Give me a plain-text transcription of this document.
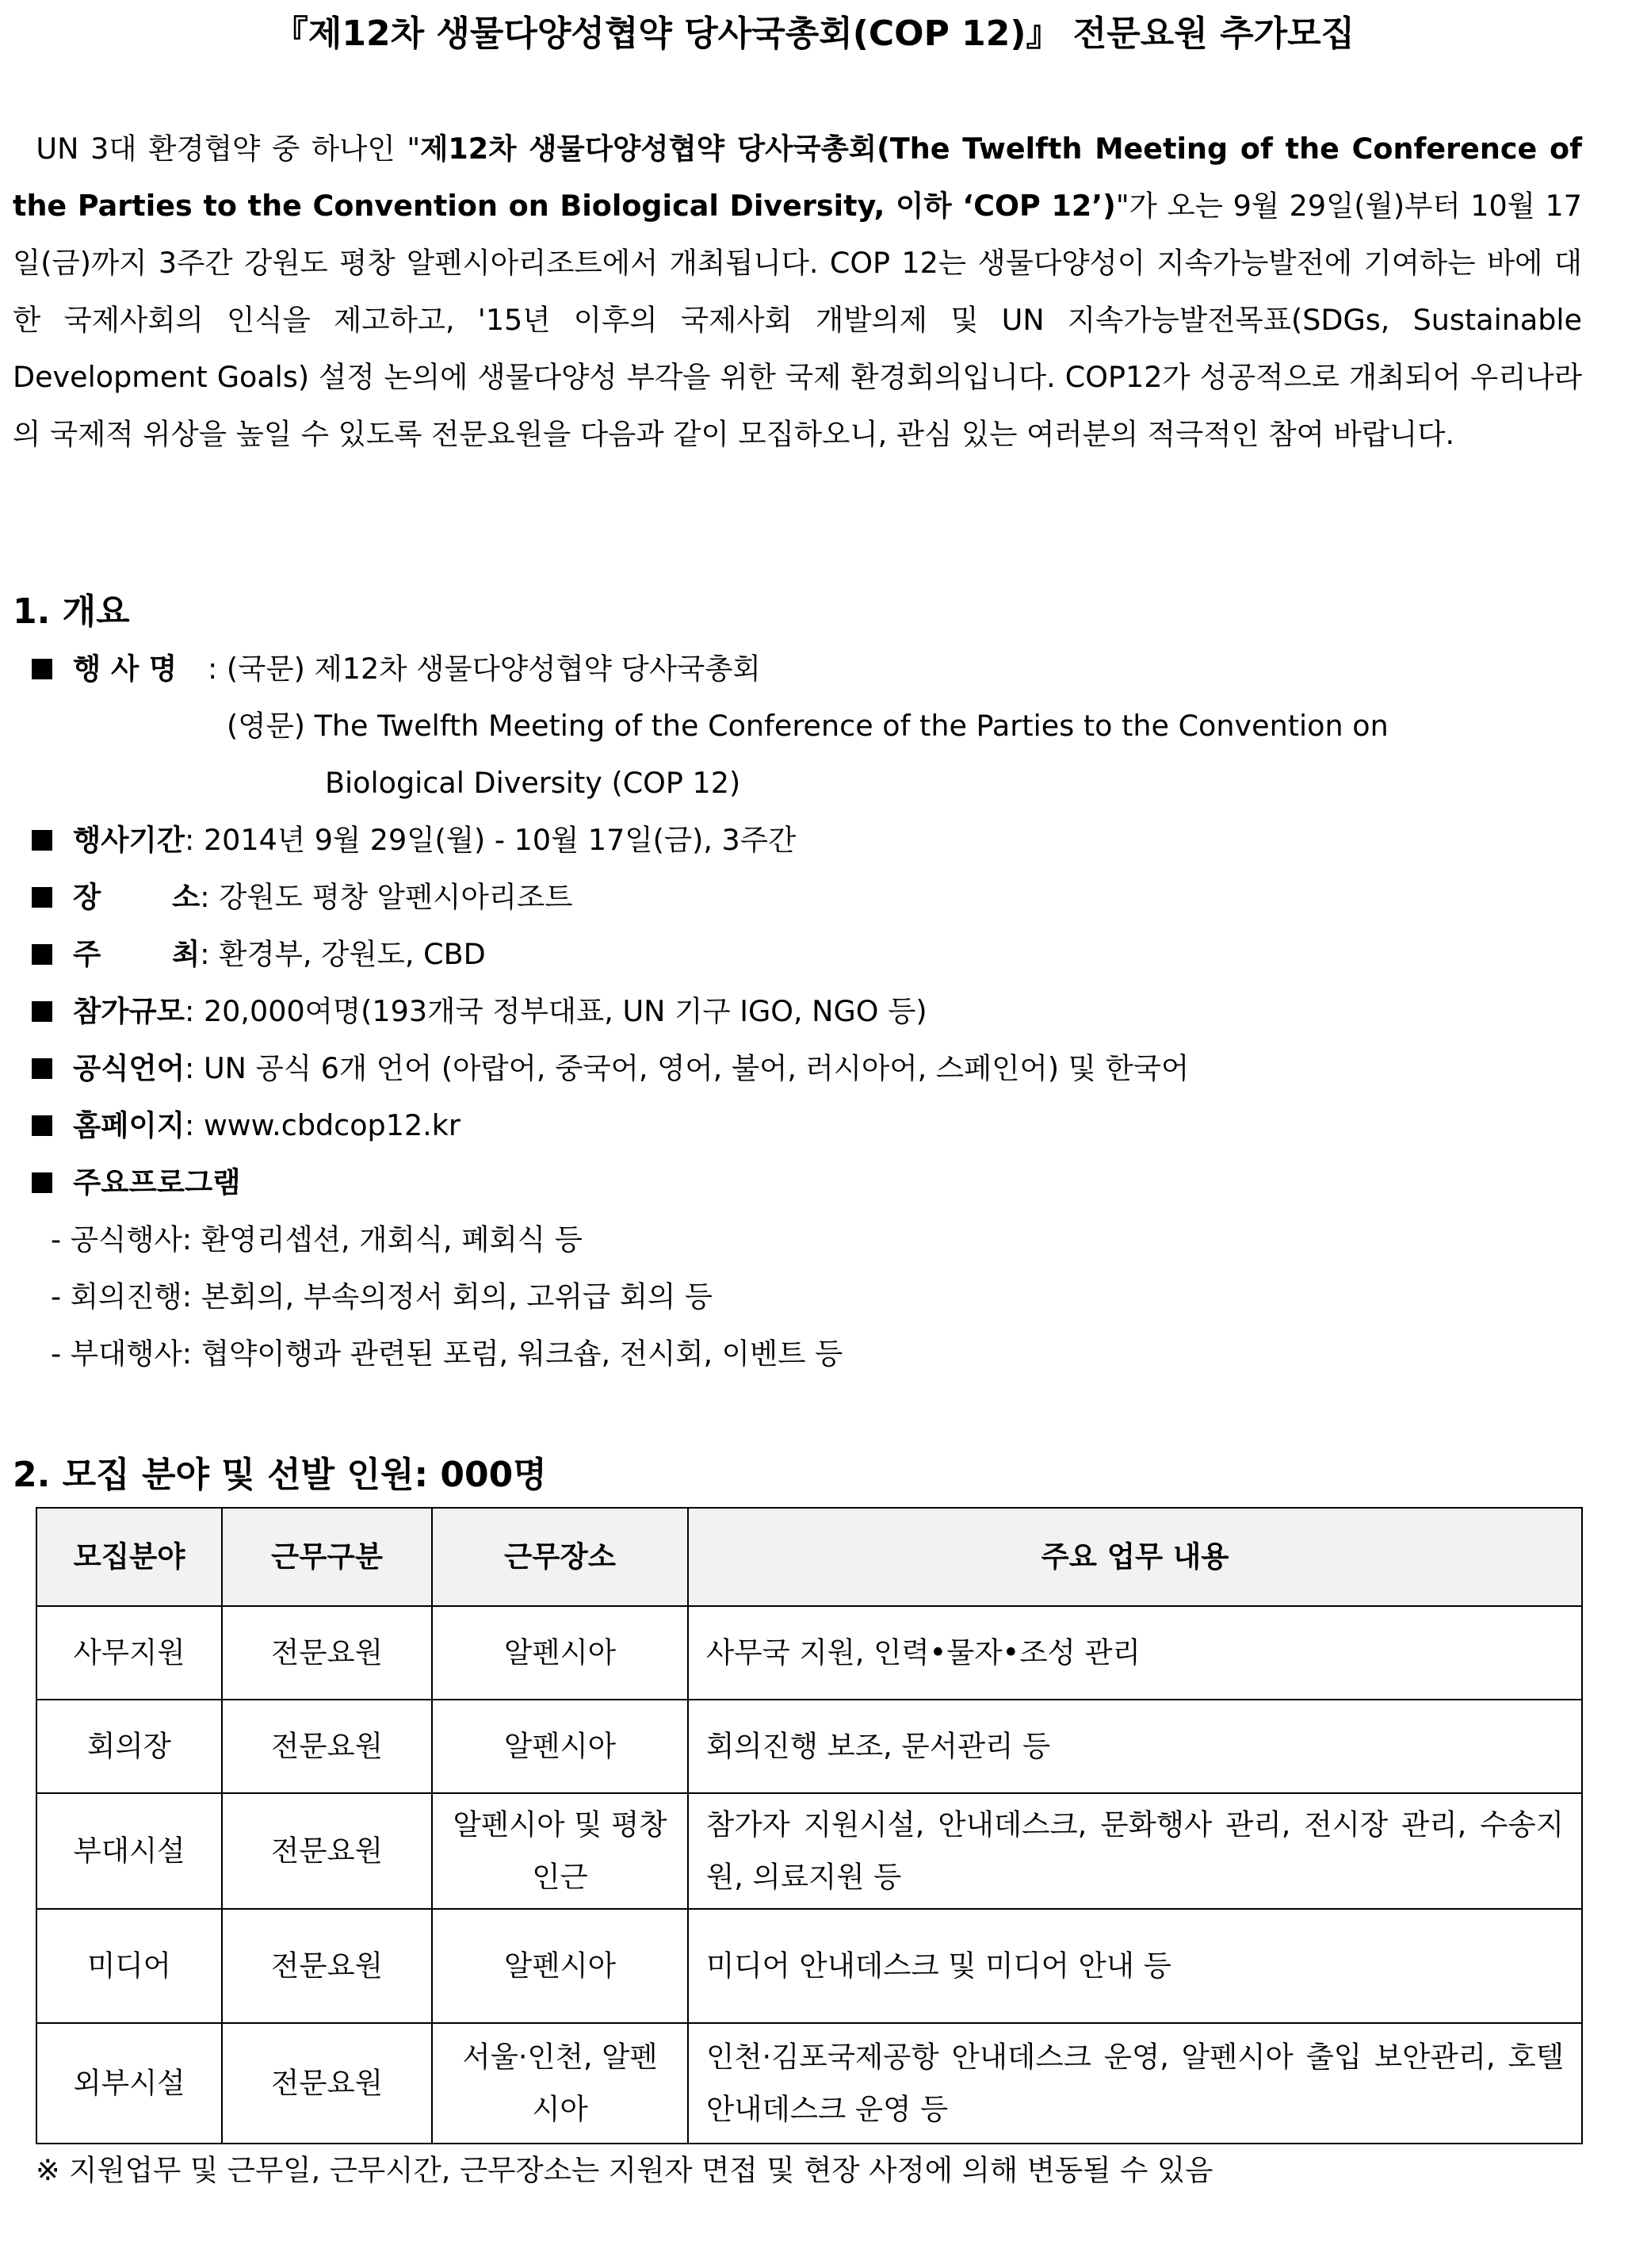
『제12차 생물다양성협약 당사국총회(COP 12)』 전문요원 추가모집
UN 3대 환경협약 중 하나인 "제12차 생물다양성협약 당사국총회(The Twelfth Meeting of the Conference of the Parties to the Convention on Biological Diversity, 이하 ‘COP 12’)"가 오는 9월 29일(월)부터 10월 17일(금)까지 3주간 강원도 평창 알펜시아리조트에서 개최됩니다. COP 12는 생물다양성이 지속가능발전에 기여하는 바에 대한 국제사회의 인식을 제고하고, '15년 이후의 국제사회 개발의제 및 UN 지속가능발전목표(SDGs, Sustainable Development Goals) 설정 논의에 생물다양성 부각을 위한 국제 환경회의입니다. COP12가 성공적으로 개최되어 우리나라의 국제적 위상을 높일 수 있도록 전문요원을 다음과 같이 모집하오니, 관심 있는 여러분의 적극적인 참여 바랍니다.
1. 개요
행 사 명 : (국문) 제12차 생물다양성협약 당사국총회
(영문) The Twelfth Meeting of the Conference of the Parties to the Convention on
Biological Diversity (COP 12)
행사기간: 2014년 9월 29일(월) - 10월 17일(금), 3주간
장 소: 강원도 평창 알펜시아리조트
주 최: 환경부, 강원도, CBD
참가규모: 20,000여명(193개국 정부대표, UN 기구 IGO, NGO 등)
공식언어: UN 공식 6개 언어 (아랍어, 중국어, 영어, 불어, 러시아어, 스페인어) 및 한국어
홈페이지: www.cbdcop12.kr
주요프로그램
- 공식행사: 환영리셉션, 개회식, 폐회식 등
- 회의진행: 본회의, 부속의정서 회의, 고위급 회의 등
- 부대행사: 협약이행과 관련된 포럼, 워크숍, 전시회, 이벤트 등
2. 모집 분야 및 선발 인원: 000명
모집분야	근무구분	근무장소	주요 업무 내용
사무지원	전문요원	알펜시아	사무국 지원, 인력•물자•조성 관리
회의장	전문요원	알펜시아	회의진행 보조, 문서관리 등
부대시설	전문요원	알펜시아 및 평창 인근	참가자 지원시설, 안내데스크, 문화행사 관리, 전시장 관리, 수송지원, 의료지원 등
미디어	전문요원	알펜시아	미디어 안내데스크 및 미디어 안내 등
외부시설	전문요원	서울·인천, 알펜시아	인천·김포국제공항 안내데스크 운영, 알펜시아 출입 보안관리, 호텔 안내데스크 운영 등
※ 지원업무 및 근무일, 근무시간, 근무장소는 지원자 면접 및 현장 사정에 의해 변동될 수 있음
